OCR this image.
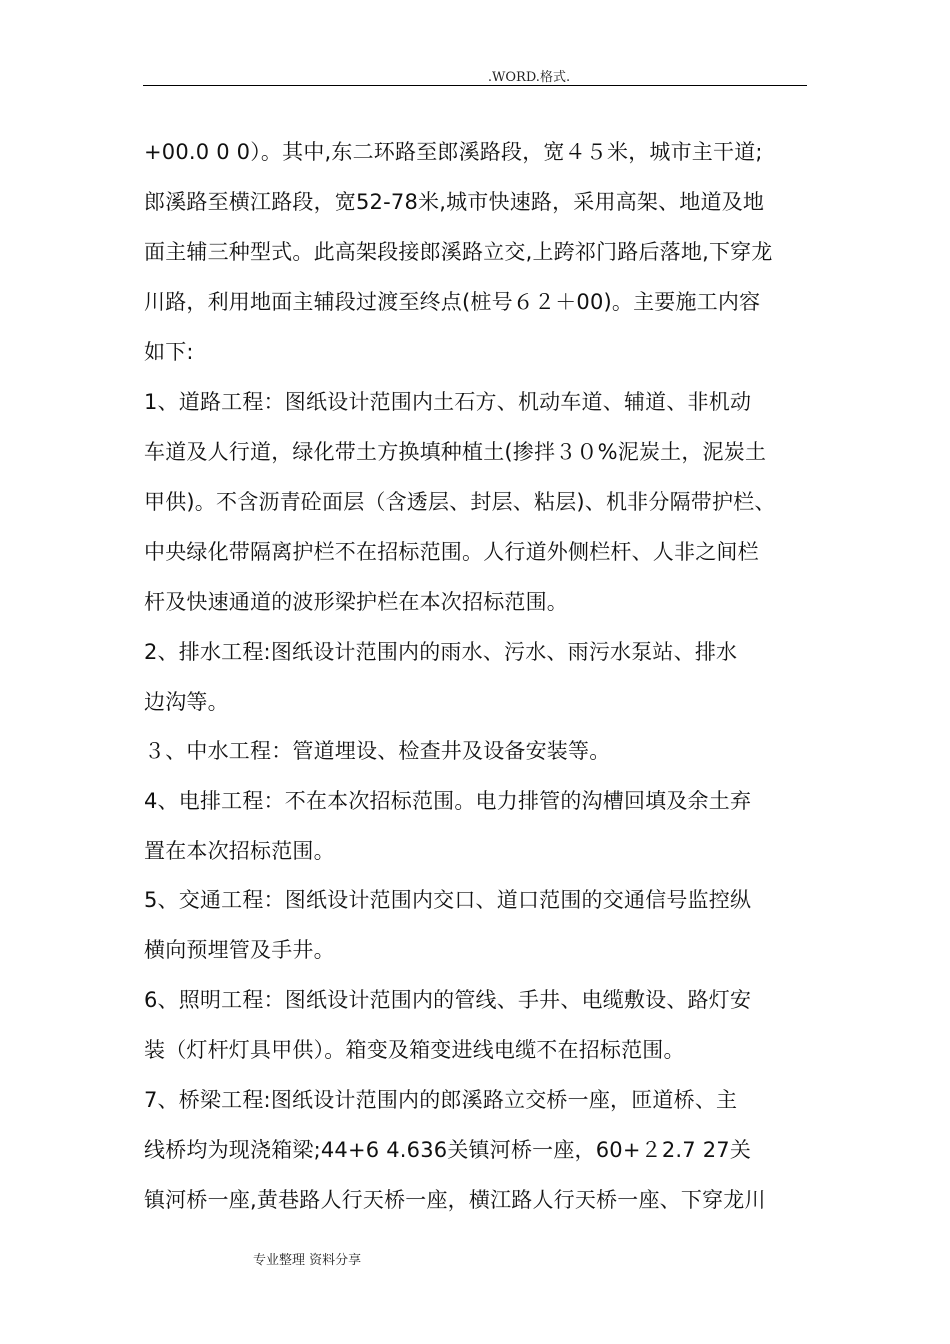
.WORD.格式.
+00.0 0 0）。其中,东二环路至郎溪路段，宽４５米，城市主干道;
郎溪路至横江路段，宽52-78米,城市快速路，采用高架、地道及地
面主辅三种型式。此高架段接郎溪路立交,上跨祁门路后落地,下穿龙
川路，利用地面主辅段过渡至终点(桩号６２＋00)。主要施工内容
如下:
1、道路工程：图纸设计范围内土石方、机动车道、辅道、非机动
车道及人行道，绿化带土方换填种植土(掺拌３０%泥炭土，泥炭土
甲供)。不含沥青砼面层（含透层、封层、粘层)、机非分隔带护栏、
中央绿化带隔离护栏不在招标范围。人行道外侧栏杆、人非之间栏
杆及快速通道的波形梁护栏在本次招标范围。
2、排水工程:图纸设计范围内的雨水、污水、雨污水泵站、排水
边沟等。
３、中水工程：管道埋设、检查井及设备安装等。
4、电排工程：不在本次招标范围。电力排管的沟槽回填及余土弃
置在本次招标范围。
5、交通工程：图纸设计范围内交口、道口范围的交通信号监控纵
横向预埋管及手井。
6、照明工程：图纸设计范围内的管线、手井、电缆敷设、路灯安
装（灯杆灯具甲供）。箱变及箱变进线电缆不在招标范围。
7、桥梁工程:图纸设计范围内的郎溪路立交桥一座，匝道桥、主
线桥均为现浇箱梁;44+6 4.636关镇河桥一座，60+２2.7 27关
镇河桥一座,黄巷路人行天桥一座，横江路人行天桥一座、下穿龙川
专业整理 资料分享
